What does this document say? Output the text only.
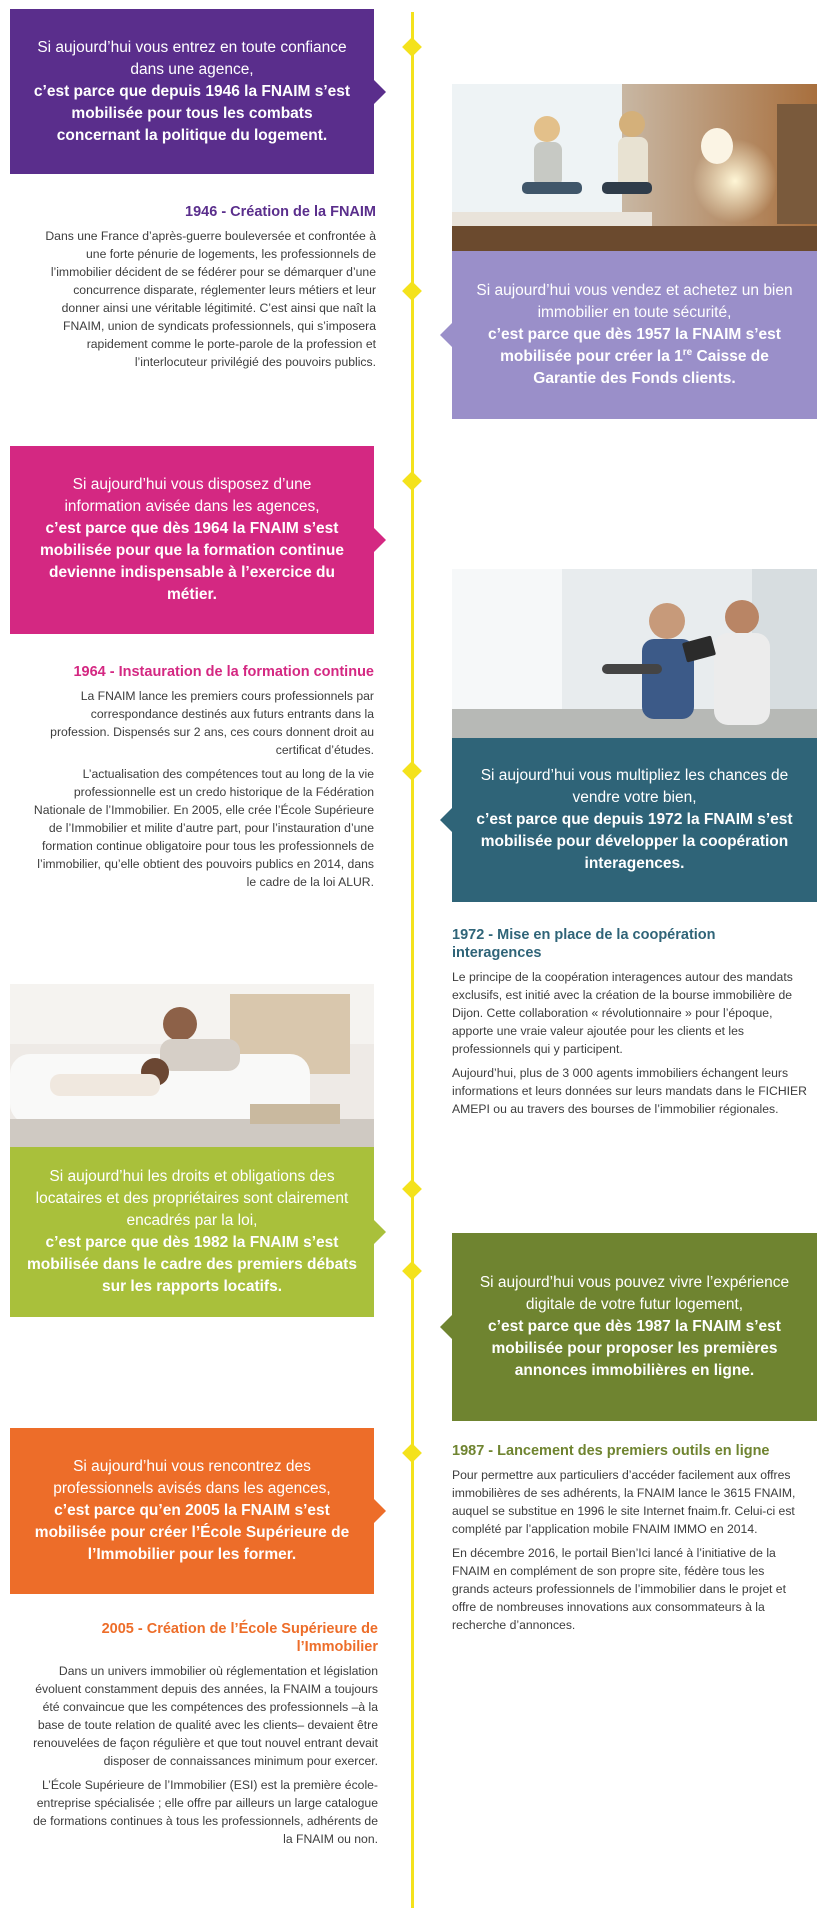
Si aujourd’hui vous entrez en toute confiance dans une agence,
c’est parce que depuis 1946 la FNAIM s’est mobilisée pour tous les combats concernant la politique du logement.
Si aujourd’hui vous vendez et achetez un bien immobilier en toute sécurité,
c’est parce que dès 1957 la FNAIM s’est mobilisée pour créer la 1re Caisse de Garantie des Fonds clients.
1946 - Création de la FNAIM

Dans une France d’après-guerre bouleversée et confrontée à une forte pénurie de logements, les professionnels de l’immobilier décident de se fédérer pour se démarquer d’une concurrence disparate, réglementer leurs métiers et leur donner ainsi une véritable légitimité. C’est ainsi que naît la FNAIM, union de syndicats professionnels, qui s’imposera rapidement comme le porte-parole de la profession et l’interlocuteur privilégié des pouvoirs publics.

Si aujourd’hui vous disposez d’une information avisée dans les agences,
c’est parce que dès 1964 la FNAIM s’est mobilisée pour que la formation continue devienne indispensable à l’exercice du métier.
1964 - Instauration de la formation continue

La FNAIM lance les premiers cours professionnels par correspondance destinés aux futurs entrants dans la profession. Dispensés sur 2 ans, ces cours donnent droit au certificat d’études.

L’actualisation des compétences tout au long de la vie professionnelle est un credo historique de la Fédération Nationale de l’Immobilier. En 2005, elle crée l’École Supérieure de l’Immobilier et milite d’autre part, pour l’instauration d’une formation continue obligatoire pour tous les professionnels de l’immobilier, qu’elle obtient des pouvoirs publics en 2014, dans le cadre de la loi ALUR.

Si aujourd’hui vous multipliez les chances de vendre votre bien,
c’est parce que depuis 1972 la FNAIM s’est mobilisée pour développer la coopération interagences.
1972 - Mise en place de la coopération interagences

Le principe de la coopération interagences autour des mandats exclusifs, est initié avec la création de la bourse immobilière de Dijon. Cette collaboration « révolutionnaire » pour l’époque, apporte une vraie valeur ajoutée pour les clients et les professionnels qui y participent.

Aujourd’hui, plus de 3 000 agents immobiliers échangent leurs informations et leurs données sur leurs mandats dans le FICHIER AMEPI ou au travers des bourses de l’immobilier régionales.

Si aujourd’hui les droits et obligations des locataires et des propriétaires sont clairement encadrés par la loi,
c’est parce que dès 1982 la FNAIM s’est mobilisée dans le cadre des premiers débats sur les rapports locatifs.	Si aujourd’hui vous pouvez vivre l’expérience digitale de votre futur logement,
c’est parce que dès 1987 la FNAIM s’est mobilisée pour proposer les premières annonces immobilières en ligne.
Si aujourd’hui vous rencontrez des professionnels avisés dans les agences,
c’est parce qu’en 2005 la FNAIM s’est mobilisée pour créer l’École Supérieure de l’Immobilier pour les former.
1987 - Lancement des premiers outils en ligne

Pour permettre aux particuliers d’accéder facilement aux offres immobilières de ses adhérents, la FNAIM lance le 3615 FNAIM, auquel se substitue en 1996 le site Internet fnaim.fr. Celui-ci est complété par l’application mobile FNAIM IMMO en 2014.

En décembre 2016, le portail Bien’Ici lancé à l’initiative de la FNAIM en complément de son propre site, fédère tous les grands acteurs professionnels de l’immobilier dans le projet et offre de nombreuses innovations aux consommateurs à la recherche d’annonces.

2005 - Création de l’École Supérieure de l’Immobilier

Dans un univers immobilier où réglementation et législation évoluent constamment depuis des années, la FNAIM a toujours été convaincue que les compétences des professionnels –à la base de toute relation de qualité avec les clients– devaient être renouvelées de façon régulière et que tout nouvel entrant devait disposer de connaissances minimum pour exercer.

L’École Supérieure de l’Immobilier (ESI) est la première école-entreprise spécialisée ; elle offre par ailleurs un large catalogue de formations continues à tous les professionnels, adhérents de la FNAIM ou non.
